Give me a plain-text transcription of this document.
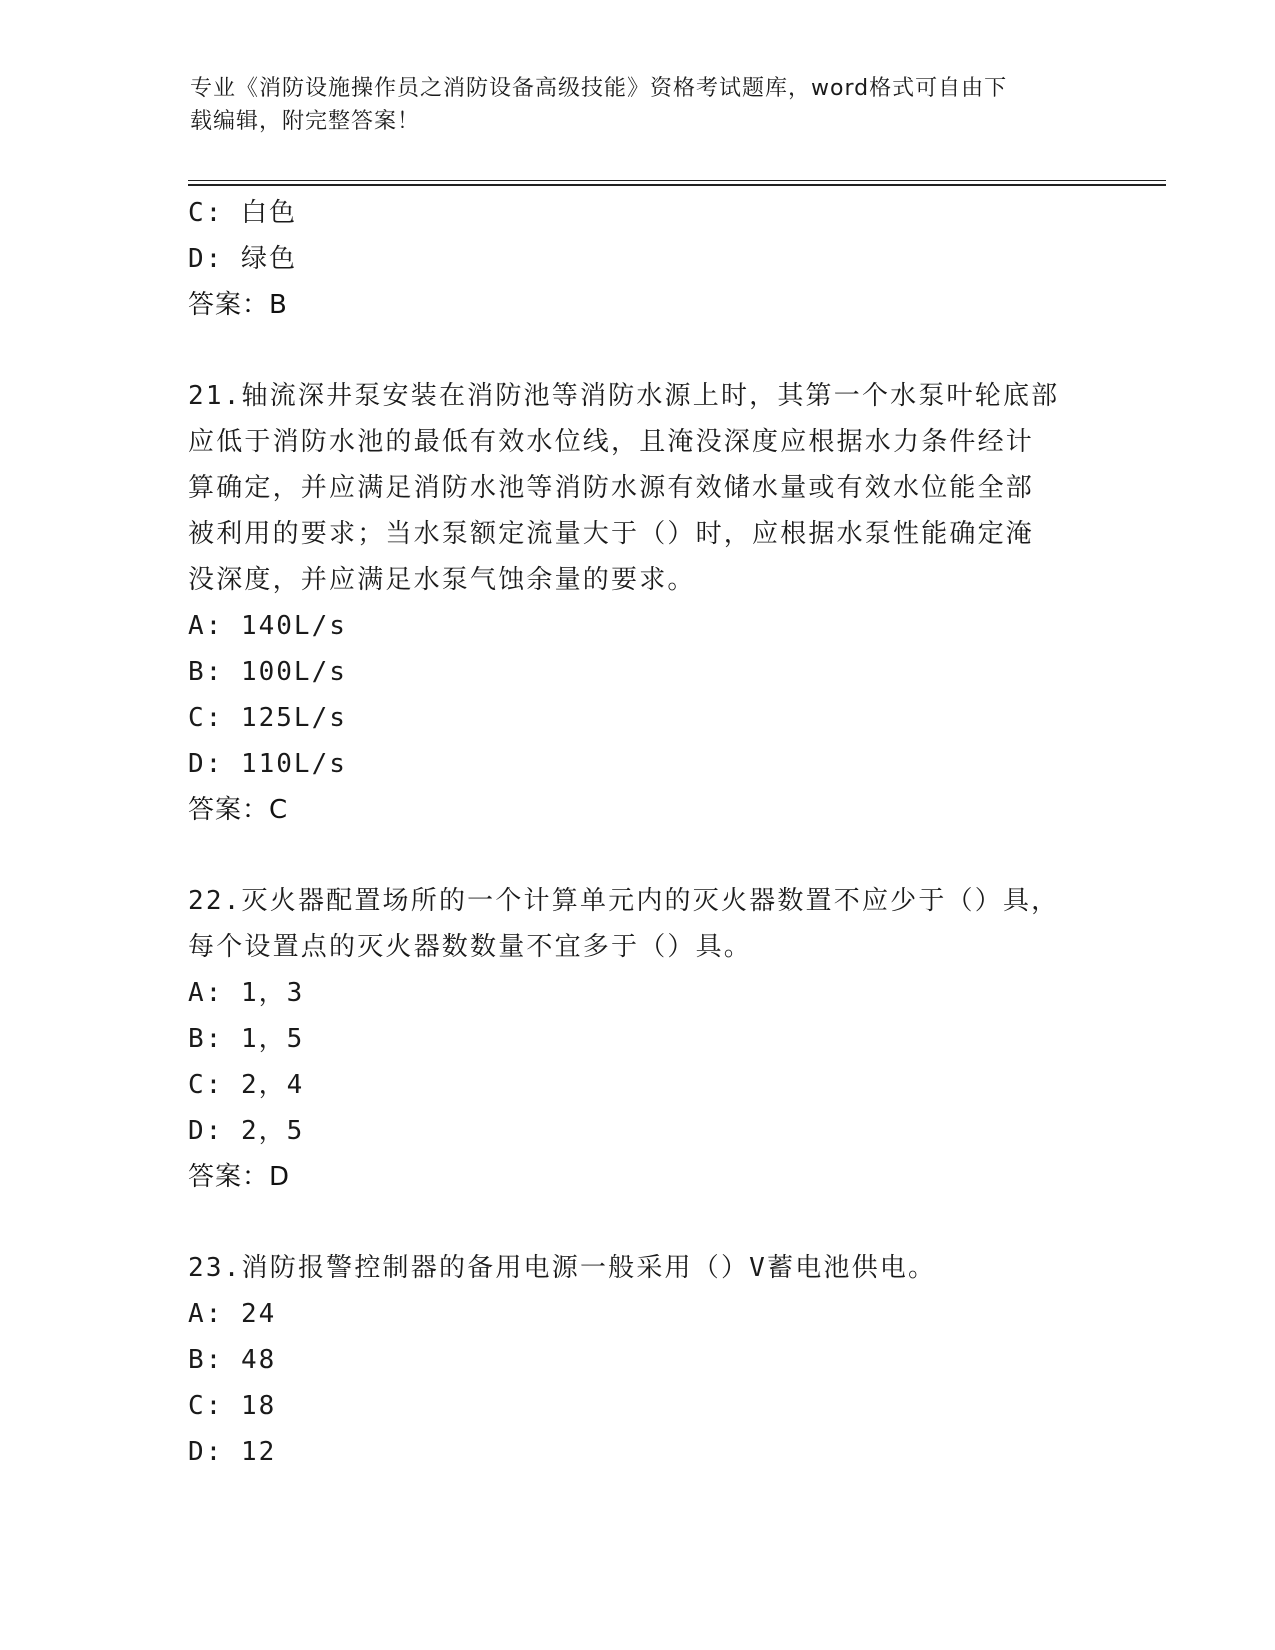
专业《消防设施操作员之消防设备高级技能》资格考试题库，word格式可自由下
载编辑，附完整答案！
C: 白色
D: 绿色
答案：B
21.轴流深井泵安装在消防池等消防水源上时，其第一个水泵叶轮底部
应低于消防水池的最低有效水位线，且淹没深度应根据水力条件经计
算确定，并应满足消防水池等消防水源有效储水量或有效水位能全部
被利用的要求；当水泵额定流量大于（）时，应根据水泵性能确定淹
没深度，并应满足水泵气蚀余量的要求。
A: 140L/s
B: 100L/s
C: 125L/s
D: 110L/s
答案：C
22.灭火器配置场所的一个计算单元内的灭火器数置不应少于（）具，
每个设置点的灭火器数数量不宜多于（）具。
A: 1，3
B: 1，5
C: 2，4
D: 2，5
答案：D
23.消防报警控制器的备用电源一般采用（）V蓄电池供电。
A: 24
B: 48
C: 18
D: 12
